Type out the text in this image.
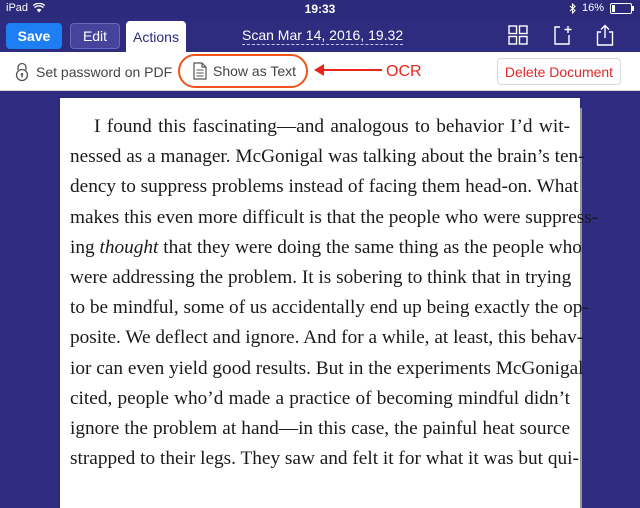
iPad	19:33	16%
Save	Edit	Actions	Scan Mar 14, 2016, 19.32
Set password on PDF	Show as Text	OCR	Delete Document
I found this fascinating—and analogous to behavior I’d wit-
nessed as a manager. McGonigal was talking about the brain’s ten-
dency to suppress problems instead of facing them head-on. What
makes this even more difficult is that the people who were suppress-
ing thought that they were doing the same thing as the people who
were addressing the problem. It is sobering to think that in trying
to be mindful, some of us accidentally end up being exactly the op-
posite. We deflect and ignore. And for a while, at least, this behav-
ior can even yield good results. But in the experiments McGonigal
cited, people who’d made a practice of becoming mindful didn’t
ignore the problem at hand—in this case, the painful heat source
strapped to their legs. They saw and felt it for what it was but qui-
